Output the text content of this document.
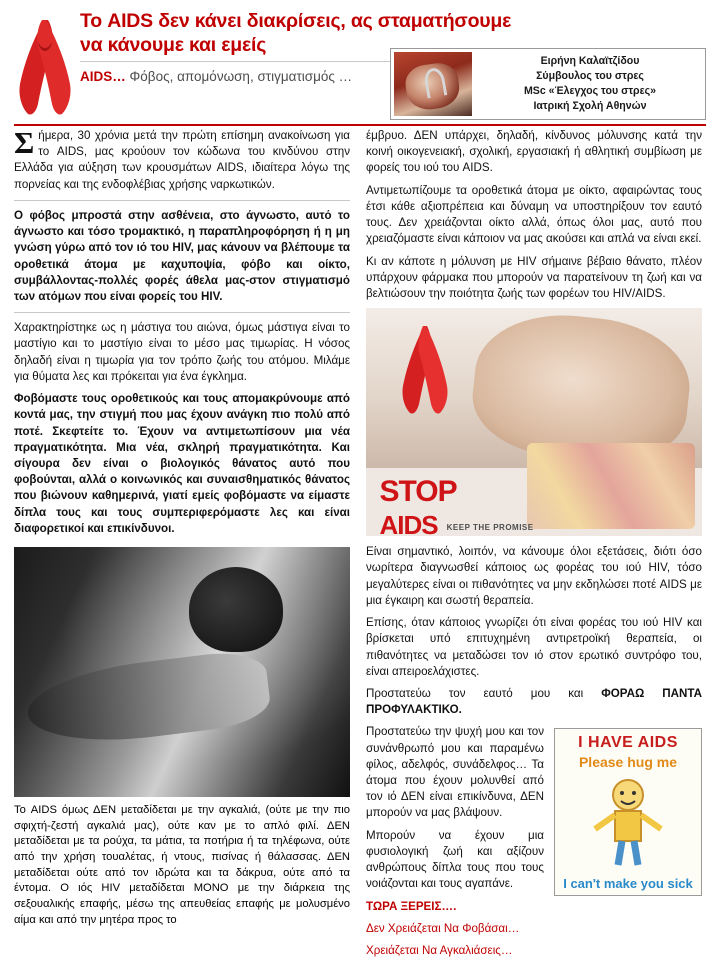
Το AIDS δεν κάνει διακρίσεις, ας σταματήσουμε
να κάνουμε και εμείς
AIDS… Φόβος, απομόνωση, στιγματισμός …
Ειρήνη Καλαϊτζίδου
Σύμβουλος του στρες
MSc «Έλεγχος του στρες»
Ιατρική Σχολή Αθηνών

Σήμερα, 30 χρόνια μετά την πρώτη επίσημη ανακοίνωση για το AIDS, μας κρούουν τον κώδωνα του κινδύνου στην Ελλάδα για αύξηση των κρουσμάτων AIDS, ιδιαίτερα λόγω της πορνείας και της ενδοφλέβιας χρήσης ναρκωτικών.

Ο φόβος μπροστά στην ασθένεια, στο άγνωστο, αυτό το άγνωστο και τόσο τρομακτικό, η παραπληροφόρηση ή η μη γνώση γύρω από τον ιό του HIV, μας κάνουν να βλέπουμε τα οροθετικά άτομα με καχυποψία, φόβο και οίκτο, συμβάλλοντας-πολλές φορές άθελα μας-στον στιγματισμό των ατόμων που είναι φορείς του HIV.

Χαρακτηρίστηκε ως η μάστιγα του αιώνα, όμως μάστιγα είναι το μαστίγιο και το μαστίγιο είναι το μέσο μας τιμωρίας. Η νόσος δηλαδή είναι η τιμωρία για τον τρόπο ζωής του ατόμου. Μιλάμε για θύματα λες και πρόκειται για ένα έγκλημα.

Φοβόμαστε τους οροθετικούς και τους απομακρύνουμε από κοντά μας, την στιγμή που μας έχουν ανάγκη πιο πολύ από ποτέ. Σκεφτείτε το. Έχουν να αντιμετωπίσουν μια νέα πραγματικότητα. Μια νέα, σκληρή πραγματικότητα. Και σίγουρα δεν είναι ο βιολογικός θάνατος αυτό που φοβούνται, αλλά ο κοινωνικός και συναισθηματικός θάνατος που βιώνουν καθημερινά, γιατί εμείς φοβόμαστε να είμαστε δίπλα τους και τους συμπεριφερόμαστε λες και είναι διαφορετικοί και επικίνδυνοι.

Το AIDS όμως ΔΕΝ μεταδίδεται με την αγκαλιά, (ούτε με την πιο σφιχτή-ζεστή αγκαλιά μας), ούτε καν με το απλό φιλί. ΔΕΝ μεταδίδεται με τα ρούχα, τα μάτια, τα ποτήρια ή τα τηλέφωνα, ούτε από την χρήση τουαλέτας, ή ντους, πισίνας ή θάλασσας. ΔΕΝ μεταδίδεται ούτε από τον ιδρώτα και τα δάκρυα, ούτε από τα έντομα. Ο ιός HIV μεταδίδεται ΜΟΝΟ με την διάρκεια της σεξουαλικής επαφής, μέσω της απευθείας επαφής με μολυσμένο αίμα και από την μητέρα προς το

έμβρυο. ΔΕΝ υπάρχει, δηλαδή, κίνδυνος μόλυνσης κατά την κοινή οικογενειακή, σχολική, εργασιακή ή αθλητική συμβίωση με φορείς του ιού του AIDS.

Αντιμετωπίζουμε τα οροθετικά άτομα με οίκτο, αφαιρώντας τους έτσι κάθε αξιοπρέπεια και δύναμη να υποστηρίξουν τον εαυτό τους. Δεν χρειάζονται οίκτο αλλά, όπως όλοι μας, αυτό που χρειαζόμαστε είναι κάποιον να μας ακούσει και απλά να είναι εκεί.

Κι αν κάποτε η μόλυνση με HIV σήμαινε βέβαιο θάνατο, πλέον υπάρχουν φάρμακα που μπορούν να παρατείνουν τη ζωή και να βελτιώσουν την ποιότητα ζωής των φορέων του HIV/AIDS.

STOP
AIDS KEEP THE PROMISE

Είναι σημαντικό, λοιπόν, να κάνουμε όλοι εξετάσεις, διότι όσο νωρίτερα διαγνωσθεί κάποιος ως φορέας του ιού HIV, τόσο μεγαλύτερες είναι οι πιθανότητες να μην εκδηλώσει ποτέ AIDS με μια έγκαιρη και σωστή θεραπεία.

Επίσης, όταν κάποιος γνωρίζει ότι είναι φορέας του ιού HIV και βρίσκεται υπό επιτυχημένη αντιρετροϊκή θεραπεία, οι πιθανότητες να μεταδώσει τον ιό στον ερωτικό συντρόφο του, είναι απειροελάχιστες.

Προστατεύω τον εαυτό μου και ΦΟΡΑΩ ΠΑΝΤΑ ΠΡΟΦΥΛΑΚΤΙΚΟ.

I HAVE AIDS
Please hug me
I can't make you sick

Προστατεύω την ψυχή μου και τον συνάνθρωπό μου και παραμένω φίλος, αδελφός, συνάδελφος… Τα άτομα που έχουν μολυνθεί από τον ιό ΔΕΝ είναι επικίνδυνα, ΔΕΝ μπορούν να μας βλάψουν.

Μπορούν να έχουν μια φυσιολογική ζωή και αξίζουν ανθρώπους δίπλα τους που τους νοιάζονται και τους αγαπάνε.

ΤΩΡΑ ΞΕΡΕΙΣ….

Δεν Χρειάζεται Να Φοβάσαι…

Χρειάζεται Να Αγκαλιάσεις…
